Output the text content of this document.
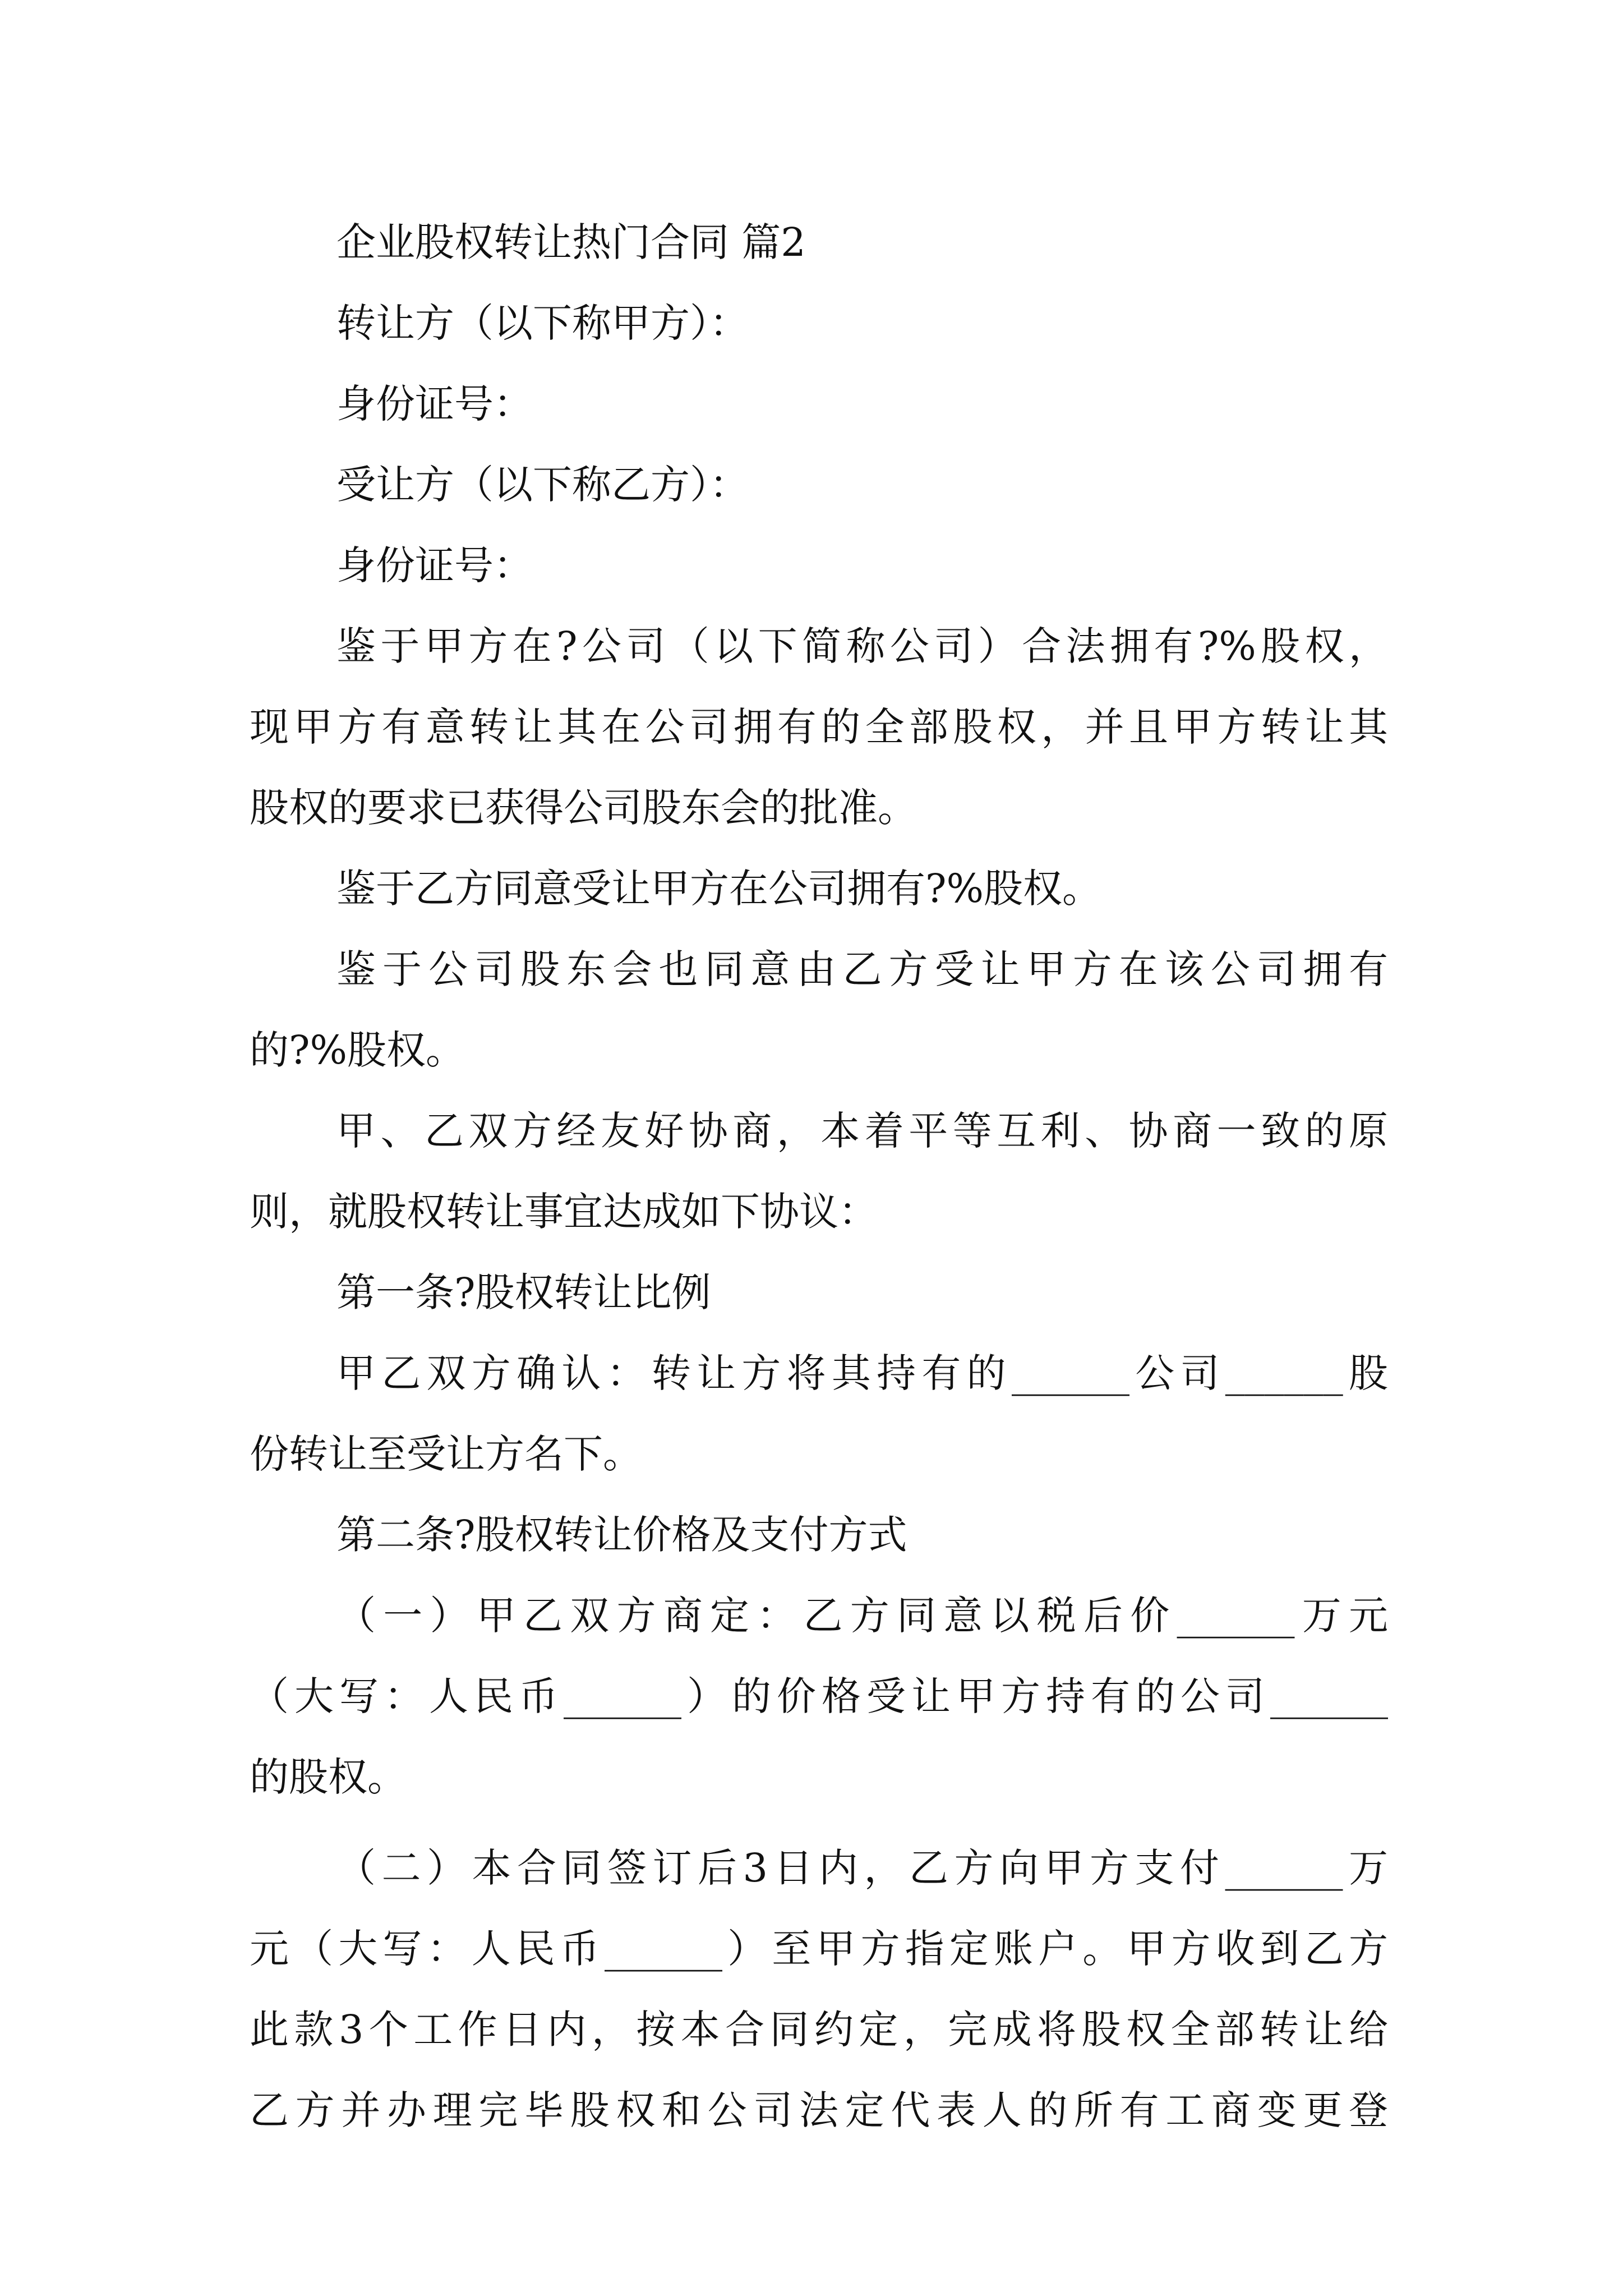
企业股权转让热门合同 篇2
转让方（以下称甲方）：
身份证号：
受让方（以下称乙方）：
身份证号：
鉴于甲方在?公司（以下简称公司）合法拥有?%股权，
现甲方有意转让其在公司拥有的全部股权，并且甲方转让其
股权的要求已获得公司股东会的批准。
鉴于乙方同意受让甲方在公司拥有?%股权。
鉴于公司股东会也同意由乙方受让甲方在该公司拥有
的?%股权。
甲、乙双方经友好协商，本着平等互利、协商一致的原
则，就股权转让事宜达成如下协议：
第一条?股权转让比例
甲乙双方确认：转让方将其持有的______公司______股
份转让至受让方名下。
第二条?股权转让价格及支付方式
（一）甲乙双方商定：乙方同意以税后价______万元
（大写：人民币______）的价格受让甲方持有的公司______
的股权。
（二）本合同签订后3日内，乙方向甲方支付______万
元（大写：人民币______）至甲方指定账户。甲方收到乙方
此款3个工作日内，按本合同约定，完成将股权全部转让给
乙方并办理完毕股权和公司法定代表人的所有工商变更登
